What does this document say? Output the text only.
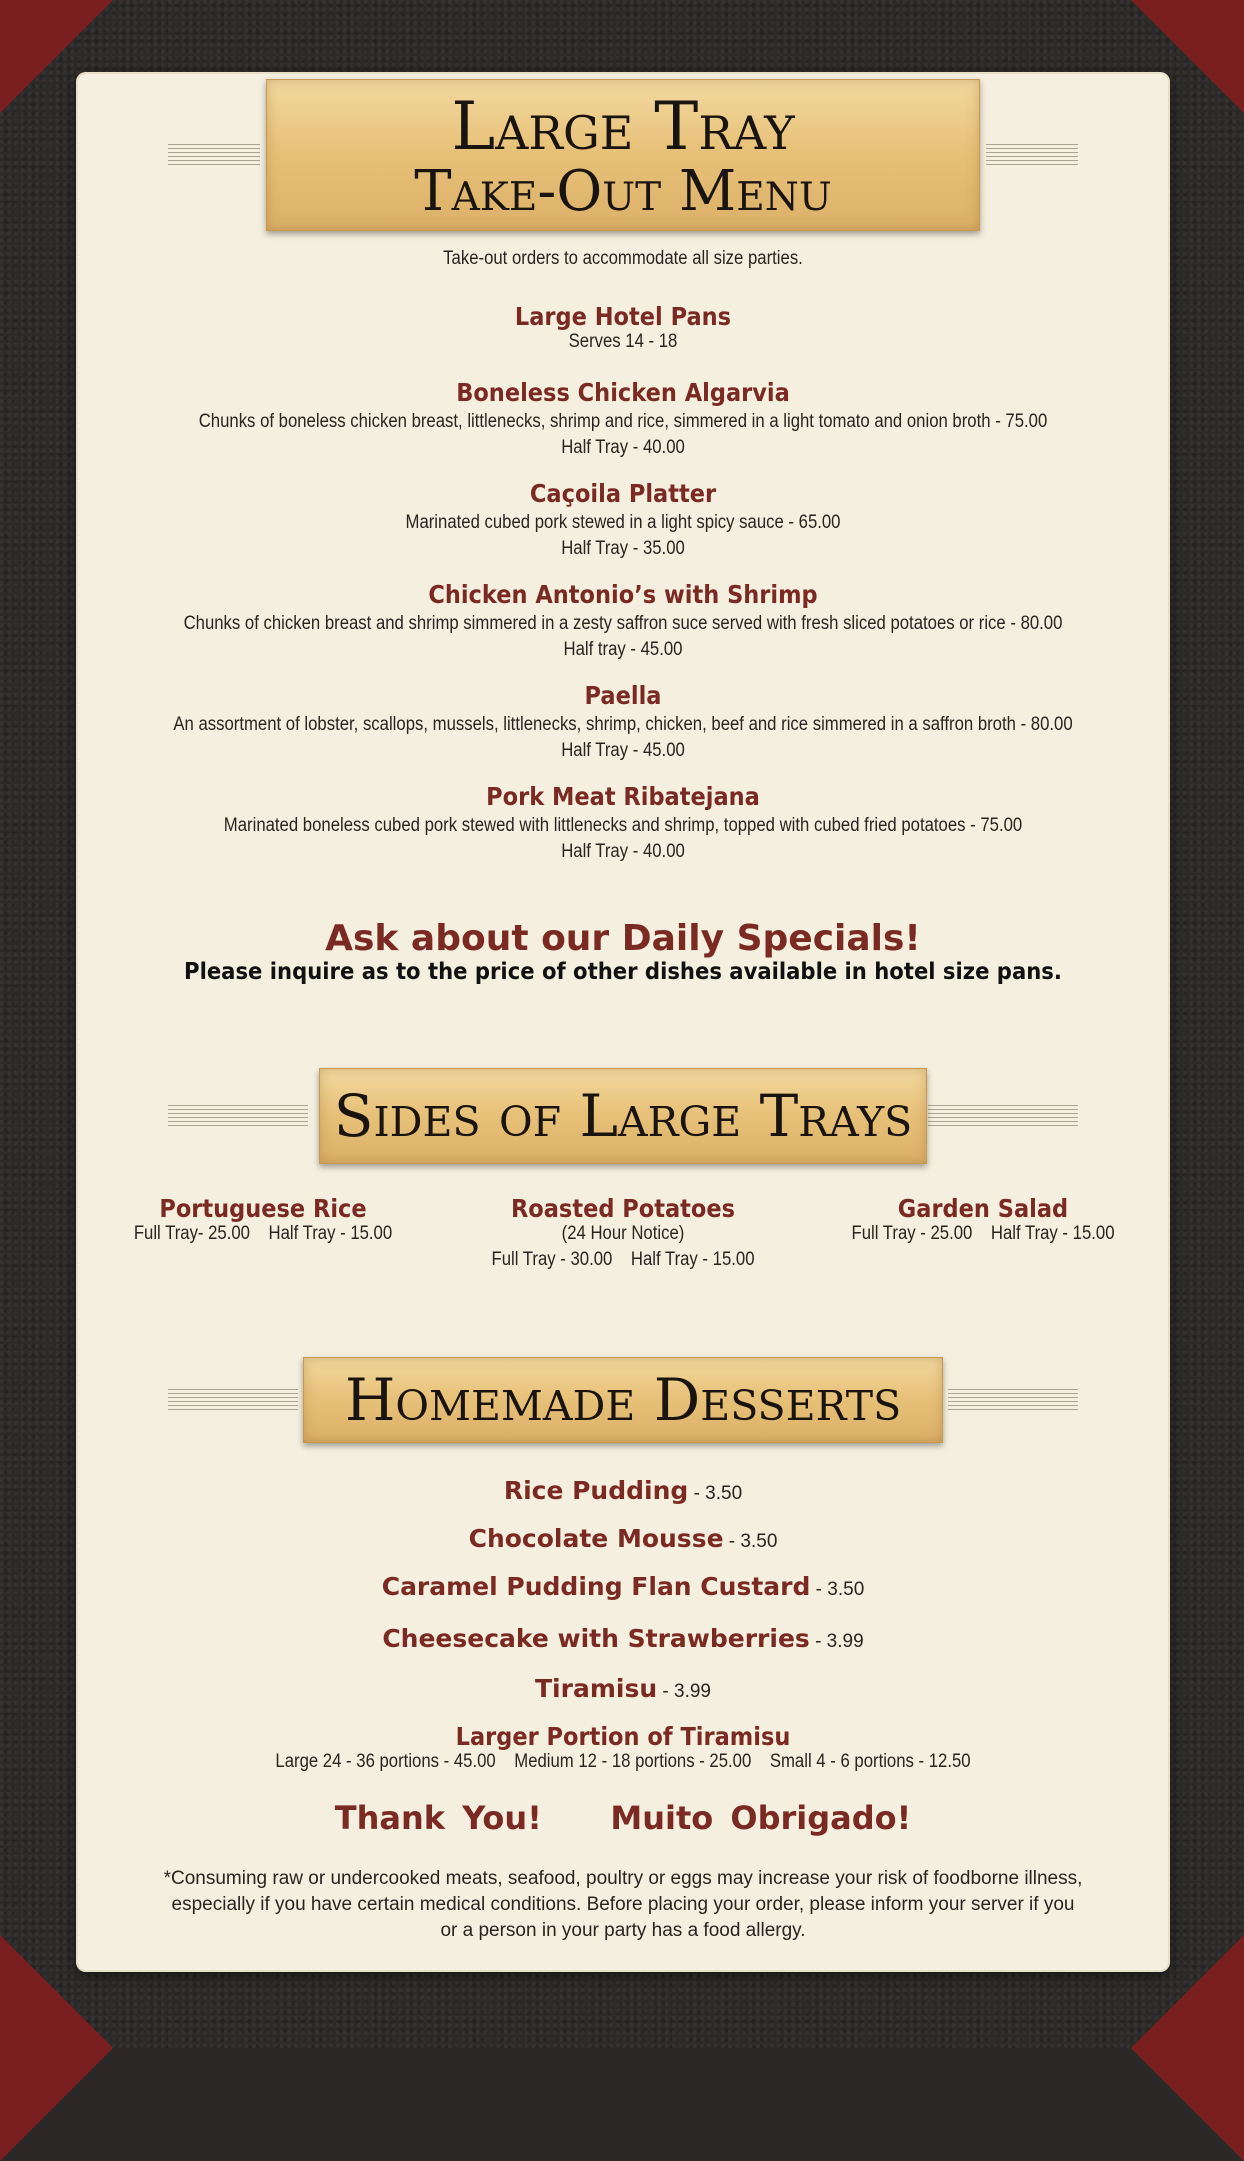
Large Tray
Take-Out Menu
Take-out orders to accommodate all size parties.
Large Hotel Pans
Serves 14 - 18
Boneless Chicken Algarvia
Chunks of boneless chicken breast, littlenecks, shrimp and rice, simmered in a light tomato and onion broth - 75.00
Half Tray - 40.00
Caçoila Platter
Marinated cubed pork stewed in a light spicy sauce - 65.00
Half Tray - 35.00
Chicken Antonio’s with Shrimp
Chunks of chicken breast and shrimp simmered in a zesty saffron suce served with fresh sliced potatoes or rice - 80.00
Half tray - 45.00
Paella
An assortment of lobster, scallops, mussels, littlenecks, shrimp, chicken, beef and rice simmered in a saffron broth - 80.00
Half Tray - 45.00
Pork Meat Ribatejana
Marinated boneless cubed pork stewed with littlenecks and shrimp, topped with cubed fried potatoes - 75.00
Half Tray - 40.00
Ask about our Daily Specials!
Please inquire as to the price of other dishes available in hotel size pans.
Sides of Large Trays
Portuguese Rice
Full Tray- 25.00    Half Tray - 15.00
Roasted Potatoes
(24 Hour Notice)
Full Tray - 30.00    Half Tray - 15.00
Garden Salad
Full Tray - 25.00    Half Tray - 15.00
Homemade Desserts
Rice Pudding - 3.50
Chocolate Mousse - 3.50
Caramel Pudding Flan Custard - 3.50
Cheesecake with Strawberries - 3.99
Tiramisu - 3.99
Larger Portion of Tiramisu
Large 24 - 36 portions - 45.00    Medium 12 - 18 portions - 25.00    Small 4 - 6 portions - 12.50
Thank You!    Muito Obrigado!
*Consuming raw or undercooked meats, seafood, poultry or eggs may increase your risk of foodborne illness,
especially if you have certain medical conditions. Before placing your order, please inform your server if you
or a person in your party has a food allergy.
